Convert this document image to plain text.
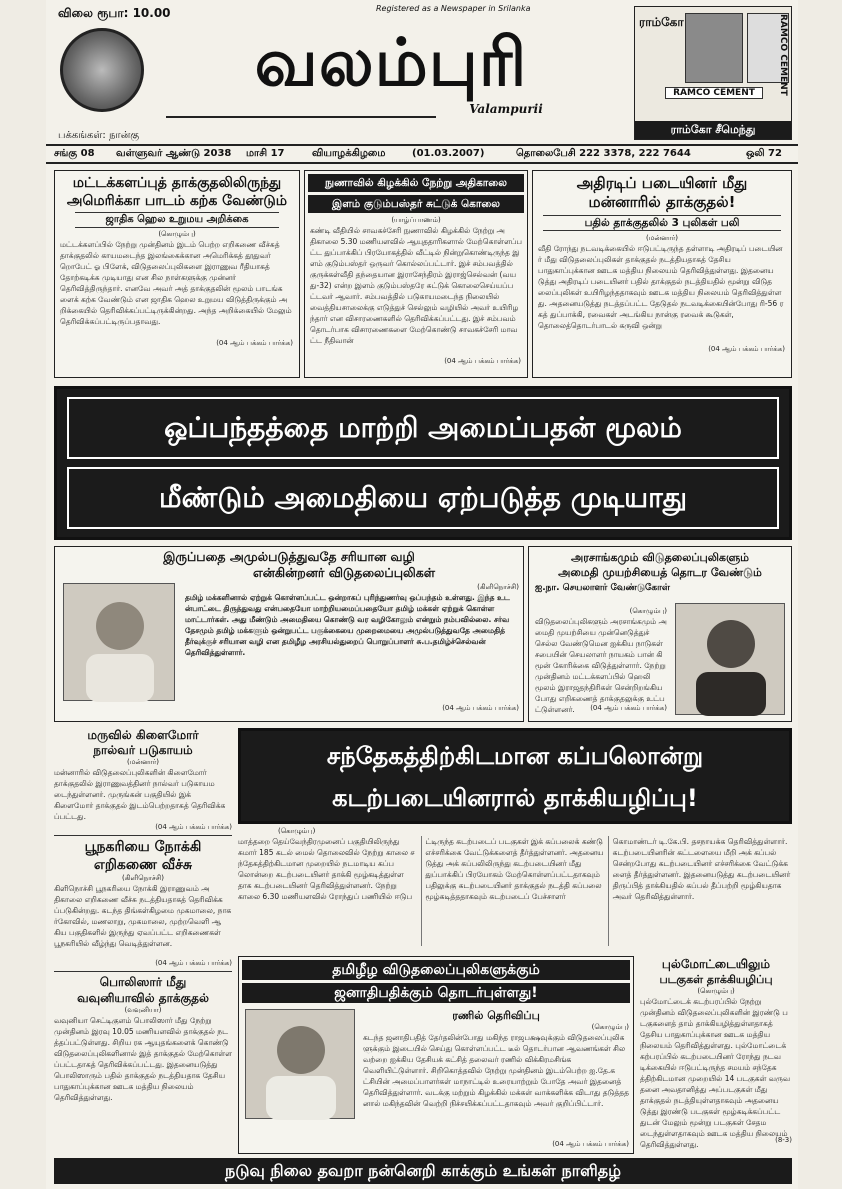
விலை ரூபா: 10.00	Registered as a Newspaper in Srilanka
வலம்புரி
Valampurii
பக்கங்கள்: நான்கு
ராம்கோ	RAMCO CEMENT
RAMCO CEMENT
ராம்கோ சீமெந்து
சங்கு 08 வள்ளுவர் ஆண்டு 2038 மாசி 17	வியாழக்கிழமை	(01.03.2007)	தொலைபேசி 222 3378, 222 7644	ஒலி 72
மட்டக்களப்புத் தாக்குதலிலிருந்து
அமெரிக்கா பாடம் கற்க வேண்டும்
ஜாதிக ஹெல உறுமய அறிக்கை
(கொழும்பு)
மட்டக்களப்பில் நேற்று முன்தினம் இடம் பெற்ற எறிகணை வீச்சுத் தாக்குதலில் காயமடைந்த இலங்கைக்கான அமெரிக்கத் தூதுவர் றொபேட் ஓ பிளேக், விடுதலைப்புலிகளை இராணுவ ரீதியாகத் தோற்கடிக்க முடியாது என சில நாள்களுக்கு முன்னர் தெரிவித்திருந்தார். எனவே அவர் அத் தாக்குதலின் மூலம் பாடங்களைக் கற்க வேண்டும் என ஜாதிக ஹெல உறுமய விடுத்திருக்கும் அறிக்கையில் தெரிவிக்கப்பட்டிருக்கின்றது. அந்த அறிக்கையில் மேலும் தெரிவிக்கப்பட்டிருப்பதாவது.
(04 ஆம் பக்கம் பார்க்க)
நுணாவில் கிழக்கில் நேற்று அதிகாலை
இளம் குடும்பஸ்தர் சுட்டுக் கொலை
(யாழ்ப்பாணம்)
கண்டி வீதியில் சாவகச்சேரி நுணாவில் கிழக்கில் நேற்று அதிகாலை 5.30 மணியளவில் ஆயுததாரிகளால் மேற்கொள்ளப்பட்ட துப்பாக்கிப் பிரயோகத்தில் வீட்டில் நின்றுகொண்டிருந்த இளம் குடும்பஸ்தர் ஒருவர் கொல்லப்பட்டார். இச் சம்பவத்தில் குருக்கள்வீதி தந்தையான இராசேந்திரம் இராஜ்செல்வன் (வயது-32) என்ற இளம் குடும்பஸ்தரே சுட்டுக் கொலைசெய்யப்பட்டவர் ஆவார். சம்பவத்தில் படுகாயமடைந்த நிலையில் வைத்தியசாலைக்கு எடுத்துச் செல்லும் வழியில் அவர் உயிரிழந்தார் என விசாரணைகளில் தெரிவிக்கப்பட்டது. இச் சம்பவம் தொடர்பாக விசாரணைகளை மேற்கொண்டு சாவகச்சேரி மாவட்ட நீதிவான்
(04 ஆம் பக்கம் பார்க்க)
அதிரடிப் படையினர் மீது
மன்னாரில் தாக்குதல்!
பதில் தாக்குதலில் 3 புலிகள் பலி
(மன்னார்)
வீதி ரோந்து நடவடிக்கையில் ஈடுபட்டிருந்த தள்ளாடி அதிரடிப் படையினர் மீது விடுதலைப்புலிகள் தாக்குதல் நடத்தியதாகத் தேசிய பாதுகாப்புக்கான ஊடக மத்திய நிலையம் தெரிவித்துள்ளது. இதனையடுத்து அதிரடிப் படையினர் பதில் தாக்குதல் நடத்தியதில் மூன்று விடுதலைப்புலிகள் உயிரிழந்ததாகவும் ஊடக மத்திய நிலையம் தெரிவித்துள்ளது. அதனையடுத்து நடத்தப்பட்ட தேடுதல் நடவடிக்கையின்போது ரி-56 ரகத் துப்பாக்கி, ரவைகள் அடங்கிய நான்கு ரவைக் கூடுகள், தொலைத்தொடர்பாடல் கருவி ஒன்று
(04 ஆம் பக்கம் பார்க்க)
ஒப்பந்தத்தை மாற்றி அமைப்பதன் மூலம்
மீண்டும் அமைதியை ஏற்படுத்த முடியாது
இருப்பதை அமுல்படுத்துவதே சரியான வழி
என்கின்றனர் விடுதலைப்புலிகள்
(கிளிநொச்சி)
தமிழ் மக்களினால் ஏற்றுக் கொள்ளப்பட்ட ஒன்றாகப் புரிந்துணர்வு ஒப்பந்தம் உள்ளது. இந்த உடன்பாட்டை திருத்துவது என்பதையோ மாற்றியமைப்பதையோ தமிழ் மக்கள் ஏற்றுக் கொள்ள மாட்டார்கள். அது மீண்டும் அமைதியை கொண்டு வர வழிகோலும் என்றும் நம்பவில்லை. சர்வதேசமும் தமிழ் மக்களும் ஒன்றுபட்ட பகுக்கையை முறைமையை அமுல்படுத்துவதே அமைதித் தீர்வுக்குச் சரியான வழி என தமிழீழ அரசியல்துறைப் பொறுப்பாளர் சு.ப.தமிழ்ச்செல்வன் தெரிவித்துள்ளார்.
(04 ஆம் பக்கம் பார்க்க)
அரசாங்கமும் விடுதலைப்புலிகளும்
அமைதி முயற்சியைத் தொடர வேண்டும்
ஐ.நா. செயலாளர் வேண்டுகோள்
(கொழும்பு)
விடுதலைப்புலிகளும் அரசாங்கமும் அமைதி முயற்சியை முன்னெடுத்துச் செல்ல வேண்டுமென ஐக்கிய நாடுகள் சபையின் செயலாளர் நாயகம் பான் கி மூன் கோரிக்கை விடுத்துள்ளார். நேற்று முன்தினம் மட்டக்களப்பில் ஹெலி மூலம் இராஜதந்திரிகள் சென்றிறங்கிய போது எறிகணைத் தாக்குதலுக்கு உட்பட்டுள்ளனர்.	(04 ஆம் பக்கம் பார்க்க)
மருவில் கிளைமோர்
நால்வர் படுகாயம்
(மன்னார்)
மன்னாரில் விடுதலைப்புலிகளின் கிளைமோர் தாக்குதலில் இராணுவத்தினர் நால்வர் படுகாயமடைந்துள்ளனர். முருங்கன் பகுதியில் இக் கிளைமோர் தாக்குதல் இடம்பெற்றதாகத் தெரிவிக்கப்பட்டது.
(04 ஆம் பக்கம் பார்க்க)
பூநகரியை நோக்கி
எறிகணை வீச்சு
(கிளிநொச்சி)
கிளிநொச்சி பூநகரியை நோக்கி இராணுவம் அதிகாலை எறிகணை வீச்சு நடத்தியதாகத் தெரிவிக்கப்படுகின்றது. கடந்த திங்கள்கிழமை முகமாலை, நாகர்கோவில், மணலாறு, முகமாலை, முற்றவெளி ஆகிய பகுதிகளில் இருந்து ஏவப்பட்ட எறிகணைகள் பூநகரியில் வீழ்ந்து வெடித்துள்ளன.
(04 ஆம் பக்கம் பார்க்க)
பொலிஸார் மீது
வவுனியாவில் தாக்குதல்
(வவுனியா)
வவுனியா செட்டிகுளம் பொலிஸார் மீது நேற்று முன்தினம் இரவு 10.05 மணியளவில் தாக்குதல் நடத்தப்பட்டுள்ளது. சிறிய ரக ஆயுதங்களைக் கொண்டு விடுதலைப்புலிகளினால் இத் தாக்குதல் மேற்கொள்ளப்பட்டதாகத் தெரிவிக்கப்பட்டது. இதனையடுத்து பொலிஸாரும் பதில் தாக்குதல் நடத்தியதாக தேசிய பாதுகாப்புக்கான ஊடக மத்திய நிலையம் தெரிவித்துள்ளது.
சந்தேகத்திற்கிடமான கப்பலொன்று
கடற்படையினரால் தாக்கியழிப்பு!
(கொழும்பு)
மாத்தறை தெய்வேந்திரமுனைப் பகுதியிலிருந்து சுமார் 185 கடல் மைல் தொலைவில் நேற்று காலை சந்தேகத்திற்கிடமான முறையில் நடமாடிய கப்பலொன்றை கடற்படையினர் தாக்கி மூழ்கடித்துள்ளதாக கடற்படையினர் தெரிவித்துள்ளனர். நேற்று காலை 6.30 மணியளவில் ரோந்துப் பணியில் ஈடுபட்டிருந்த கடற்படைப் படகுகள் இக் கப்பலைக் கண்டு எச்சரிக்கை வேட்டுக்களைத் தீர்த்துள்ளனர். அதனையடுத்து அக் கப்பலிலிருந்து கடற்படையினர் மீது துப்பாக்கிப் பிரயோகம் மேற்கொள்ளப்பட்டதாகவும் பதிலுக்கு கடற்படையினர் தாக்குதல் நடத்தி கப்பலை மூழ்கடித்ததாகவும் கடற்படைப் பேச்சாளர் கொமாண்டர் டி.கே.பி. தசநாயக்க தெரிவித்துள்ளார். கடற்படையினரின் கட்டளையை மீறி அக் கப்பல் சென்றபோது கடற்படையினர் எச்சரிக்கை வேட்டுக்களைத் தீர்த்துள்ளனர். இதனையடுத்து கடற்படையினர் திருப்பித் தாக்கியதில் கப்பல் தீப்பற்றி மூழ்கியதாக அவர் தெரிவித்துள்ளார்.
தமிழீழ விடுதலைப்புலிகளுக்கும்
ஜனாதிபதிக்கும் தொடர்புள்ளது!
ரணில் தெரிவிப்பு
(கொழும்பு)
கடந்த ஜனாதிபதித் தேர்தலின்போது மகிந்த ராஜபக்ஷவுக்கும் விடுதலைப்புலிகளுக்கும் இடையில் செய்து கொள்ளப்பட்ட டீல் தொடர்பான ஆவணங்கள் சிலவற்றை ஐக்கிய தேசியக் கட்சித் தலைவர் ரணில் விக்கிரமசிங்க வெளியிட்டுள்ளார். சிறிகொத்தவில் நேற்று முன்தினம் இடம்பெற்ற ஐ.தே.கட்சியின் அமைப்பாளர்கள் மாநாட்டில் உரையாற்றும் போதே அவர் இதனைத் தெரிவித்துள்ளார். வடக்கு மற்றும் கிழக்கில் மக்கள் வாக்களிக்க விடாது தடுத்ததனால் மகிந்தவின் வெற்றி நிச்சயிக்கப்பட்டதாகவும் அவர் குறிப்பிட்டார்.
(04 ஆம் பக்கம் பார்க்க)
புல்மோட்டையிலும்
படகுகள் தாக்கியழிப்பு
(கொழும்பு)
புல்மோட்டைக் கடற்பரப்பில் நேற்று முன்தினம் விடுதலைப்புலிகளின் இரண்டு படகுகளைத் தாம் தாக்கியழித்துள்ளதாகத் தேசிய பாதுகாப்புக்கான ஊடக மத்திய நிலையம் தெரிவித்துள்ளது. புல்மோட்டைக் கற்பரப்பில் கடற்படையினர் ரோந்து நடவடிக்கையில் ஈடுபட்டிருந்த சமயம் சந்தேகத்திற்கிடமான முறையில் 14 படகுகள் வருவதனை அவதானித்து அப்படகுகள் மீது தாக்குதல் நடத்தியுள்ளதாகவும் அதனையடுத்து இரண்டு படகுகள் மூழ்கடிக்கப்பட்டதுடன் மேலும் மூன்று படகுகள் சேதமடைந்துள்ளதாகவும் ஊடக மத்திய நிலையம் தெரிவித்துள்ளது.	(8-3)
நடுவு நிலை தவறா நன்னெறி காக்கும் உங்கள் நாளிதழ்
